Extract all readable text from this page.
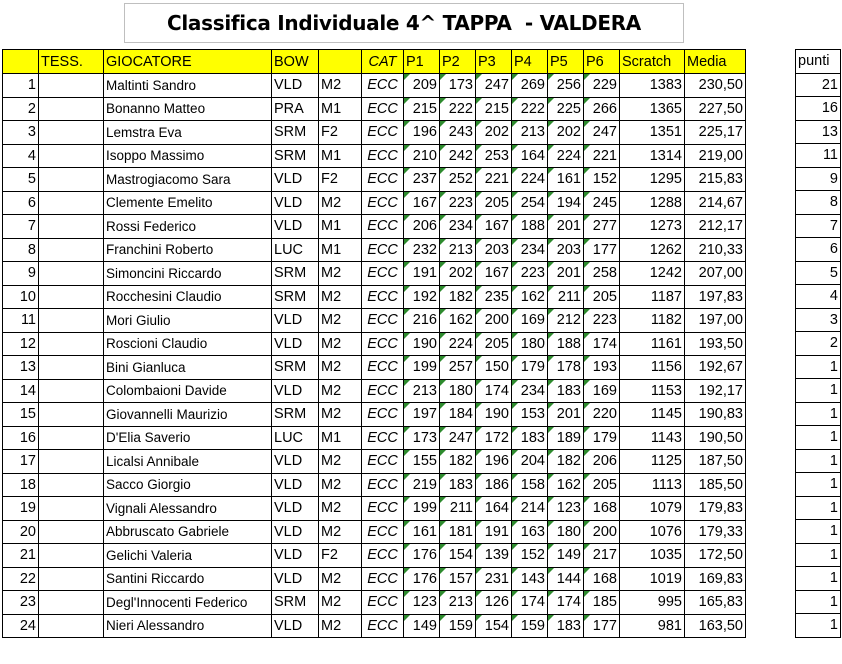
Classifica Individuale 4^ TAPPA  - VALDERA
	TESS.	GIOCATORE	BOW		CAT	P1	P2	P3	P4	P5	P6	Scratch	Media
1		Maltinti Sandro	VLD	M2	ECC	209	173	247	269	256	229	1383	230,50
2		Bonanno Matteo	PRA	M1	ECC	215	222	215	222	225	266	1365	227,50
3		Lemstra Eva	SRM	F2	ECC	196	243	202	213	202	247	1351	225,17
4		Isoppo Massimo	SRM	M1	ECC	210	242	253	164	224	221	1314	219,00
5		Mastrogiacomo Sara	VLD	F2	ECC	237	252	221	224	161	152	1295	215,83
6		Clemente Emelito	VLD	M2	ECC	167	223	205	254	194	245	1288	214,67
7		Rossi Federico	VLD	M1	ECC	206	234	167	188	201	277	1273	212,17
8		Franchini Roberto	LUC	M1	ECC	232	213	203	234	203	177	1262	210,33
9		Simoncini Riccardo	SRM	M2	ECC	191	202	167	223	201	258	1242	207,00
10		Rocchesini Claudio	SRM	M2	ECC	192	182	235	162	211	205	1187	197,83
11		Mori Giulio	VLD	M2	ECC	216	162	200	169	212	223	1182	197,00
12		Roscioni Claudio	VLD	M2	ECC	190	224	205	180	188	174	1161	193,50
13		Bini Gianluca	SRM	M2	ECC	199	257	150	179	178	193	1156	192,67
14		Colombaioni Davide	VLD	M2	ECC	213	180	174	234	183	169	1153	192,17
15		Giovannelli Maurizio	SRM	M2	ECC	197	184	190	153	201	220	1145	190,83
16		D'Elia Saverio	LUC	M1	ECC	173	247	172	183	189	179	1143	190,50
17		Licalsi Annibale	VLD	M2	ECC	155	182	196	204	182	206	1125	187,50
18		Sacco Giorgio	VLD	M2	ECC	219	183	186	158	162	205	1113	185,50
19		Vignali Alessandro	VLD	M2	ECC	199	211	164	214	123	168	1079	179,83
20		Abbruscato Gabriele	VLD	M2	ECC	161	181	191	163	180	200	1076	179,33
21		Gelichi Valeria	VLD	F2	ECC	176	154	139	152	149	217	1035	172,50
22		Santini Riccardo	VLD	M2	ECC	176	157	231	143	144	168	1019	169,83
23		Degl'Innocenti Federico	SRM	M2	ECC	123	213	126	174	174	185	995	165,83
24		Nieri Alessandro	VLD	M2	ECC	149	159	154	159	183	177	981	163,50
punti
21
16
13
11
9
8
7
6
5
4
3
2
1
1
1
1
1
1
1
1
1
1
1
1
